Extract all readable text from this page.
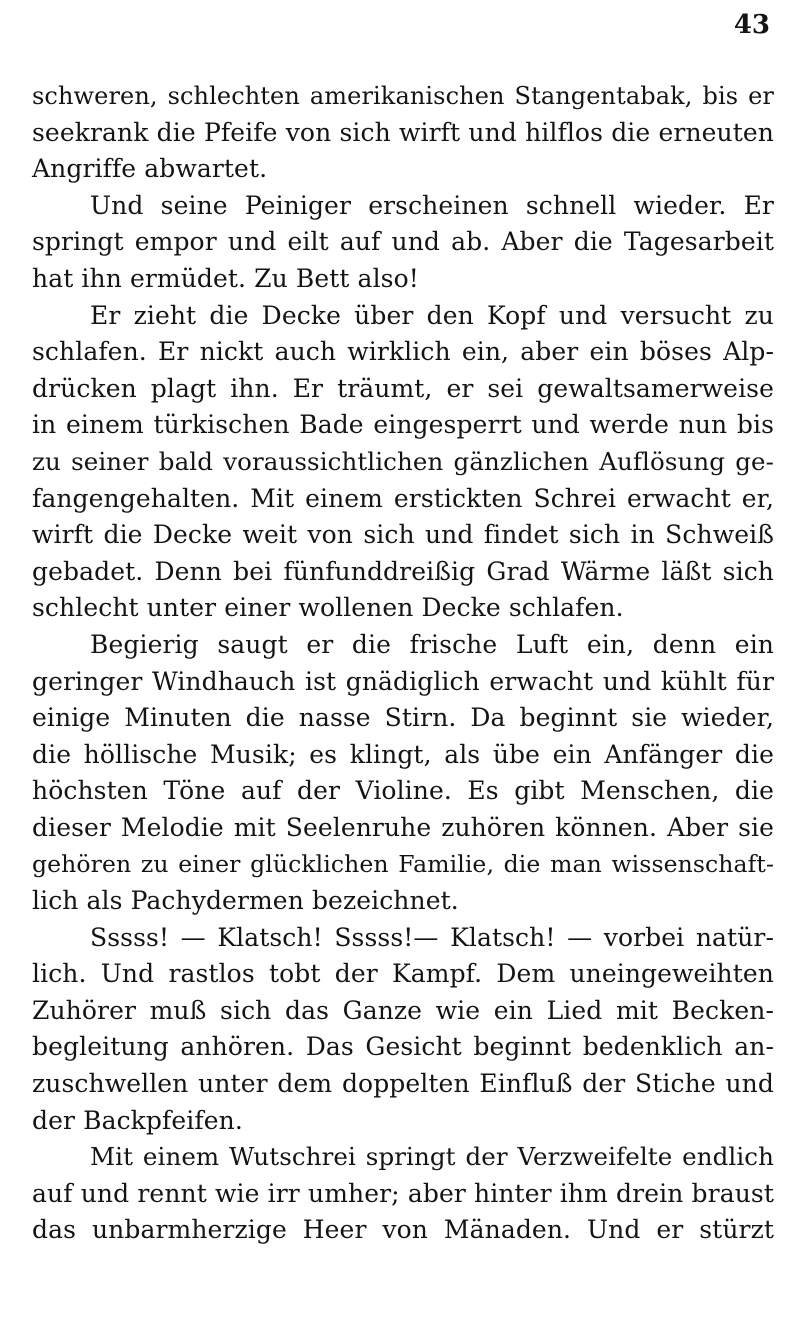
43

schweren, schlechten amerikanischen Stangentabak, bis er
seekrank die Pfeife von sich wirft und hilflos die erneuten
Angriffe abwartet.

Und seine Peiniger erscheinen schnell wieder. Er
springt empor und eilt auf und ab. Aber die Tagesarbeit
hat ihn ermüdet. Zu Bett also!

Er zieht die Decke über den Kopf und versucht zu
schlafen. Er nickt auch wirklich ein, aber ein böses Alp-
drücken plagt ihn. Er träumt, er sei gewaltsamerweise
in einem türkischen Bade eingesperrt und werde nun bis
zu seiner bald voraussichtlichen gänzlichen Auflösung ge-
fangengehalten. Mit einem erstickten Schrei erwacht er,
wirft die Decke weit von sich und findet sich in Schweiß
gebadet. Denn bei fünfunddreißig Grad Wärme läßt sich
schlecht unter einer wollenen Decke schlafen.

Begierig saugt er die frische Luft ein, denn ein
geringer Windhauch ist gnädiglich erwacht und kühlt für
einige Minuten die nasse Stirn. Da beginnt sie wieder,
die höllische Musik; es klingt, als übe ein Anfänger die
höchsten Töne auf der Violine. Es gibt Menschen, die
dieser Melodie mit Seelenruhe zuhören können. Aber sie
gehören zu einer glücklichen Familie, die man wissenschaft-
lich als Pachydermen bezeichnet.

Sssss! — Klatsch! Sssss!— Klatsch! — vorbei natür-
lich. Und rastlos tobt der Kampf. Dem uneingeweihten
Zuhörer muß sich das Ganze wie ein Lied mit Becken-
begleitung anhören. Das Gesicht beginnt bedenklich an-
zuschwellen unter dem doppelten Einfluß der Stiche und
der Backpfeifen.

Mit einem Wutschrei springt der Verzweifelte endlich
auf und rennt wie irr umher; aber hinter ihm drein braust
das unbarmherzige Heer von Mänaden. Und er stürzt
